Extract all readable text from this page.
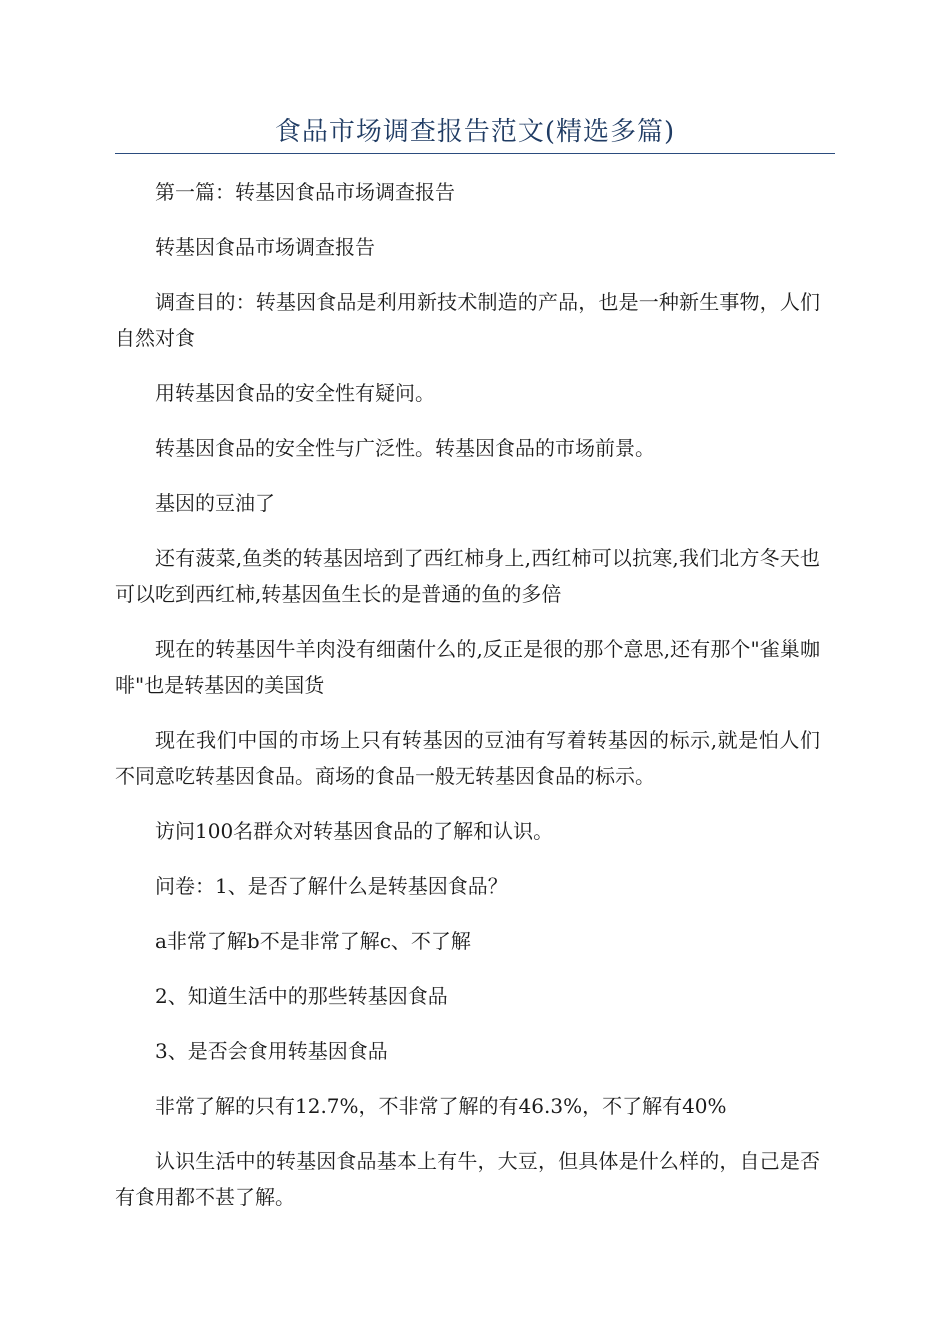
食品市场调查报告范文(精选多篇)

第一篇：转基因食品市场调查报告

转基因食品市场调查报告

调查目的：转基因食品是利用新技术制造的产品，也是一种新生事物，人们自然对食

用转基因食品的安全性有疑问。

转基因食品的安全性与广泛性。转基因食品的市场前景。

基因的豆油了

还有菠菜,鱼类的转基因培到了西红柿身上,西红柿可以抗寒,我们北方冬天也可以吃到西红柿,转基因鱼生长的是普通的鱼的多倍

现在的转基因牛羊肉没有细菌什么的,反正是很的那个意思,还有那个"雀巢咖啡"也是转基因的美国货

现在我们中国的市场上只有转基因的豆油有写着转基因的标示,就是怕人们不同意吃转基因食品。商场的食品一般无转基因食品的标示。

访问100名群众对转基因食品的了解和认识。

问卷：1、是否了解什么是转基因食品？

a非常了解b不是非常了解c、不了解

2、知道生活中的那些转基因食品

3、是否会食用转基因食品

非常了解的只有12.7%，不非常了解的有46.3%，不了解有40%

认识生活中的转基因食品基本上有牛，大豆，但具体是什么样的，自己是否有食用都不甚了解。
